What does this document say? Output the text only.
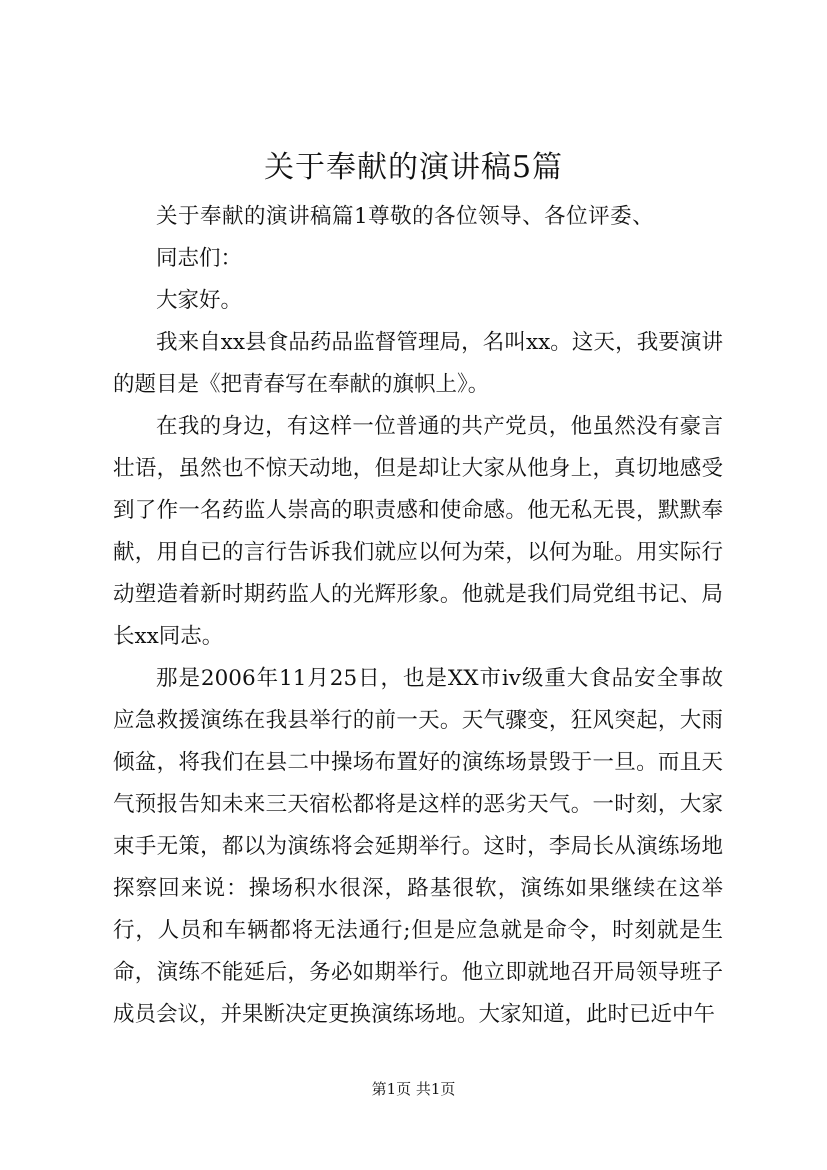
关于奉献的演讲稿5篇

关于奉献的演讲稿篇1尊敬的各位领导、各位评委、

同志们：

大家好。

我来自xx县食品药品监督管理局，名叫xx。这天，我要演讲的题目是《把青春写在奉献的旗帜上》。

在我的身边，有这样一位普通的共产党员，他虽然没有豪言壮语，虽然也不惊天动地，但是却让大家从他身上，真切地感受到了作一名药监人崇高的职责感和使命感。他无私无畏，默默奉献，用自已的言行告诉我们就应以何为荣，以何为耻。用实际行动塑造着新时期药监人的光辉形象。他就是我们局党组书记、局长xx同志。

那是2006年11月25日，也是XX市iv级重大食品安全事故应急救援演练在我县举行的前一天。天气骤变，狂风突起，大雨倾盆，将我们在县二中操场布置好的演练场景毁于一旦。而且天气预报告知未来三天宿松都将是这样的恶劣天气。一时刻，大家束手无策，都以为演练将会延期举行。这时，李局长从演练场地探察回来说：操场积水很深，路基很软，演练如果继续在这举行，人员和车辆都将无法通行;但是应急就是命令，时刻就是生命，演练不能延后，务必如期举行。他立即就地召开局领导班子成员会议，并果断决定更换演练场地。大家知道，此时已近中午

第1页 共1页
